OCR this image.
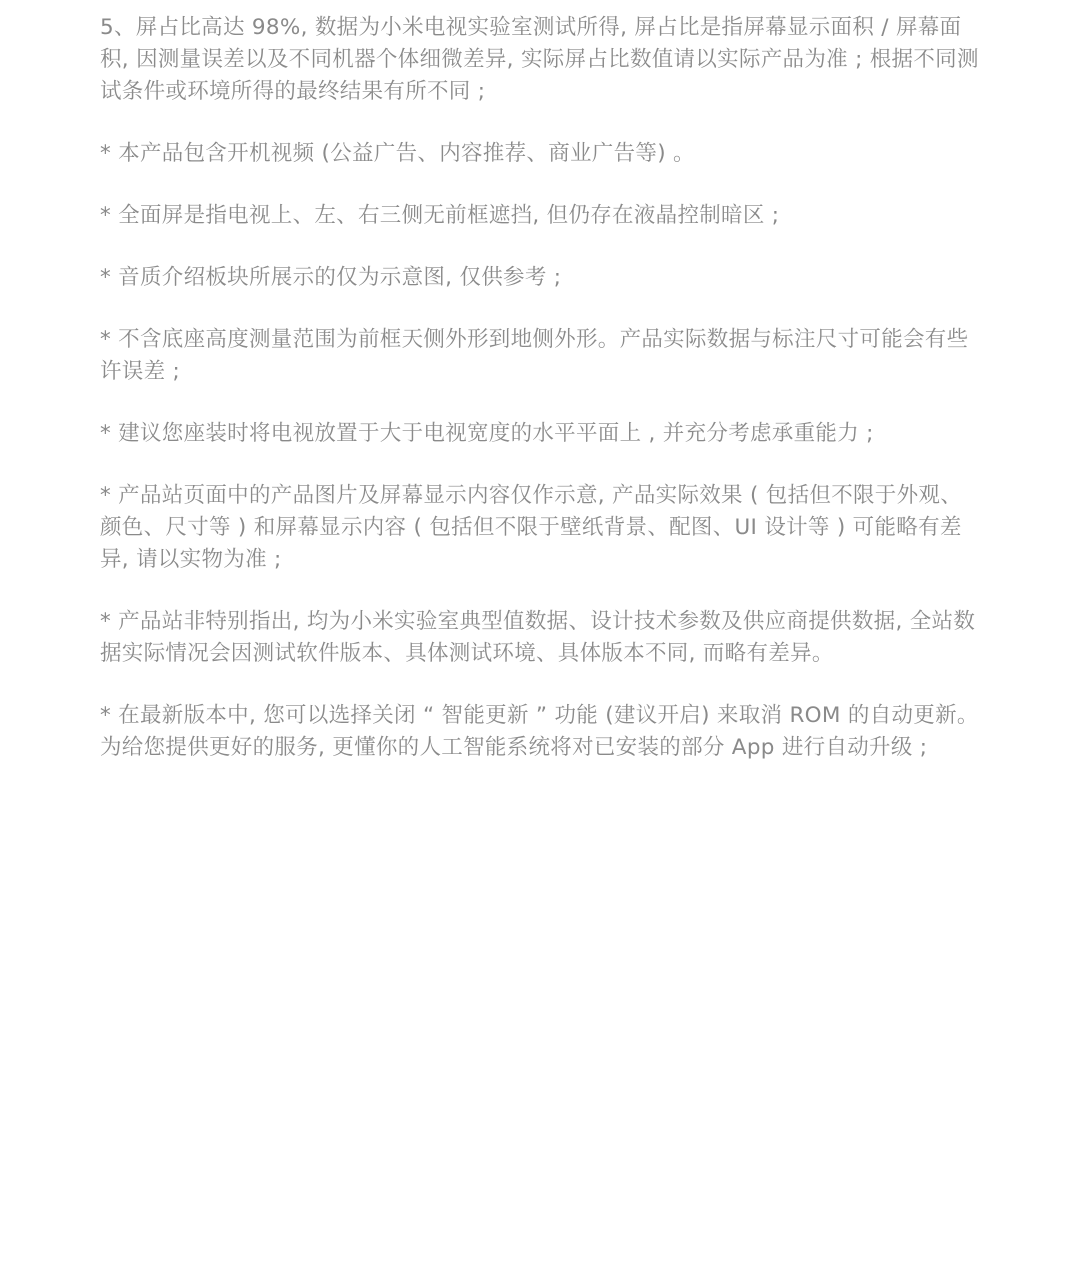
5、屏占比高达 98%, 数据为小米电视实验室测试所得, 屏占比是指屏幕显示面积 / 屏幕面积, 因测量误差以及不同机器个体细微差异, 实际屏占比数值请以实际产品为准 ; 根据不同测试条件或环境所得的最终结果有所不同 ;

* 本产品包含开机视频 (公益广告、内容推荐、商业广告等) 。

* 全面屏是指电视上、左、右三侧无前框遮挡, 但仍存在液晶控制暗区 ;

* 音质介绍板块所展示的仅为示意图, 仅供参考 ;

* 不含底座高度测量范围为前框天侧外形到地侧外形。产品实际数据与标注尺寸可能会有些许误差 ;

* 建议您座装时将电视放置于大于电视宽度的水平平面上 , 并充分考虑承重能力 ;

* 产品站页面中的产品图片及屏幕显示内容仅作示意, 产品实际效果 ( 包括但不限于外观、颜色、尺寸等 ) 和屏幕显示内容 ( 包括但不限于壁纸背景、配图、UI 设计等 ) 可能略有差异, 请以实物为准 ;

* 产品站非特别指出, 均为小米实验室典型值数据、设计技术参数及供应商提供数据, 全站数据实际情况会因测试软件版本、具体测试环境、具体版本不同, 而略有差异。

* 在最新版本中, 您可以选择关闭 “ 智能更新 ” 功能 (建议开启) 来取消 ROM 的自动更新。为给您提供更好的服务, 更懂你的人工智能系统将对已安装的部分 App 进行自动升级 ;
